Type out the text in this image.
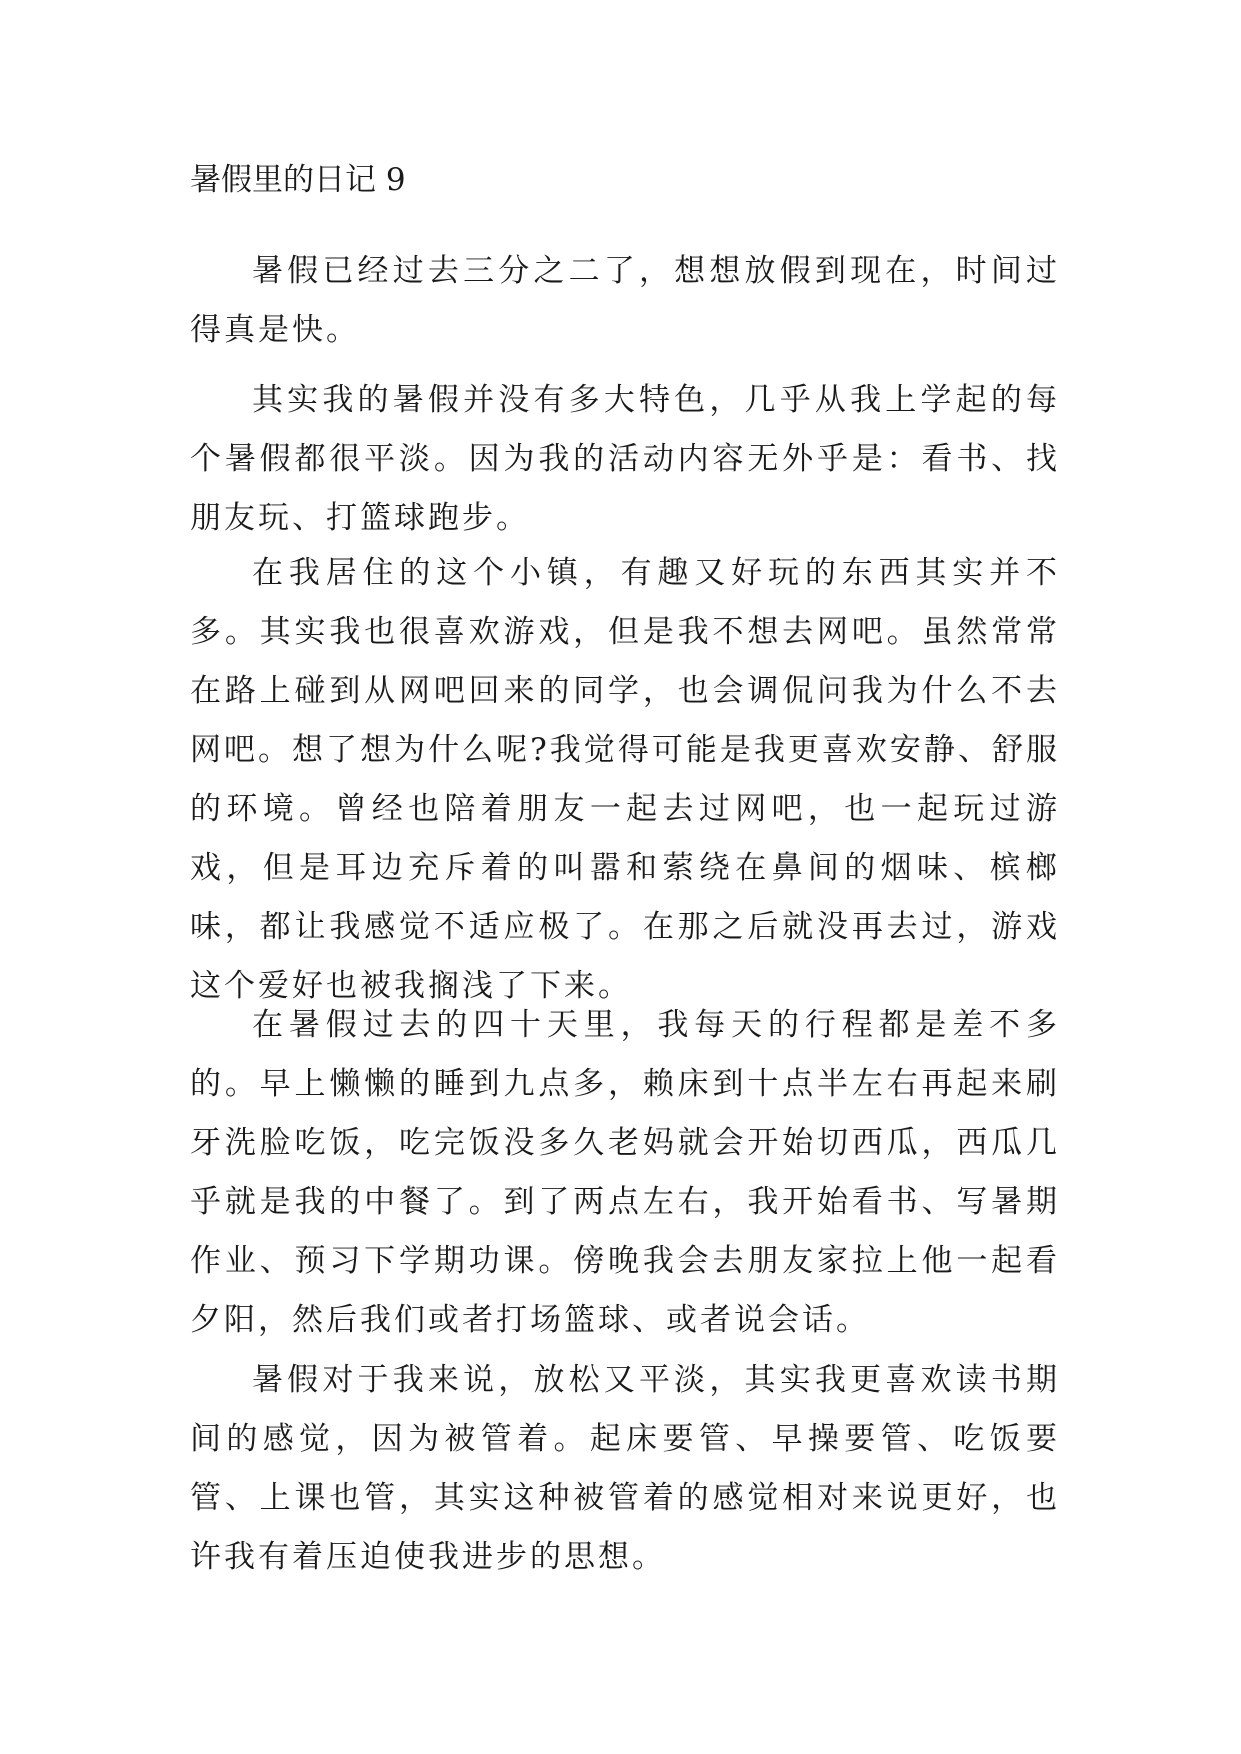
暑假里的日记 9

暑假已经过去三分之二了，想想放假到现在，时间过得真是快。

其实我的暑假并没有多大特色，几乎从我上学起的每个暑假都很平淡。因为我的活动内容无外乎是：看书、找朋友玩、打篮球跑步。

在我居住的这个小镇，有趣又好玩的东西其实并不多。其实我也很喜欢游戏，但是我不想去网吧。虽然常常在路上碰到从网吧回来的同学，也会调侃问我为什么不去网吧。想了想为什么呢?我觉得可能是我更喜欢安静、舒服的环境。曾经也陪着朋友一起去过网吧，也一起玩过游戏，但是耳边充斥着的叫嚣和萦绕在鼻间的烟味、槟榔味，都让我感觉不适应极了。在那之后就没再去过，游戏这个爱好也被我搁浅了下来。

在暑假过去的四十天里，我每天的行程都是差不多的。早上懒懒的睡到九点多，赖床到十点半左右再起来刷牙洗脸吃饭，吃完饭没多久老妈就会开始切西瓜，西瓜几乎就是我的中餐了。到了两点左右，我开始看书、写暑期作业、预习下学期功课。傍晚我会去朋友家拉上他一起看夕阳，然后我们或者打场篮球、或者说会话。

暑假对于我来说，放松又平淡，其实我更喜欢读书期间的感觉，因为被管着。起床要管、早操要管、吃饭要管、上课也管，其实这种被管着的感觉相对来说更好，也许我有着压迫使我进步的思想。
